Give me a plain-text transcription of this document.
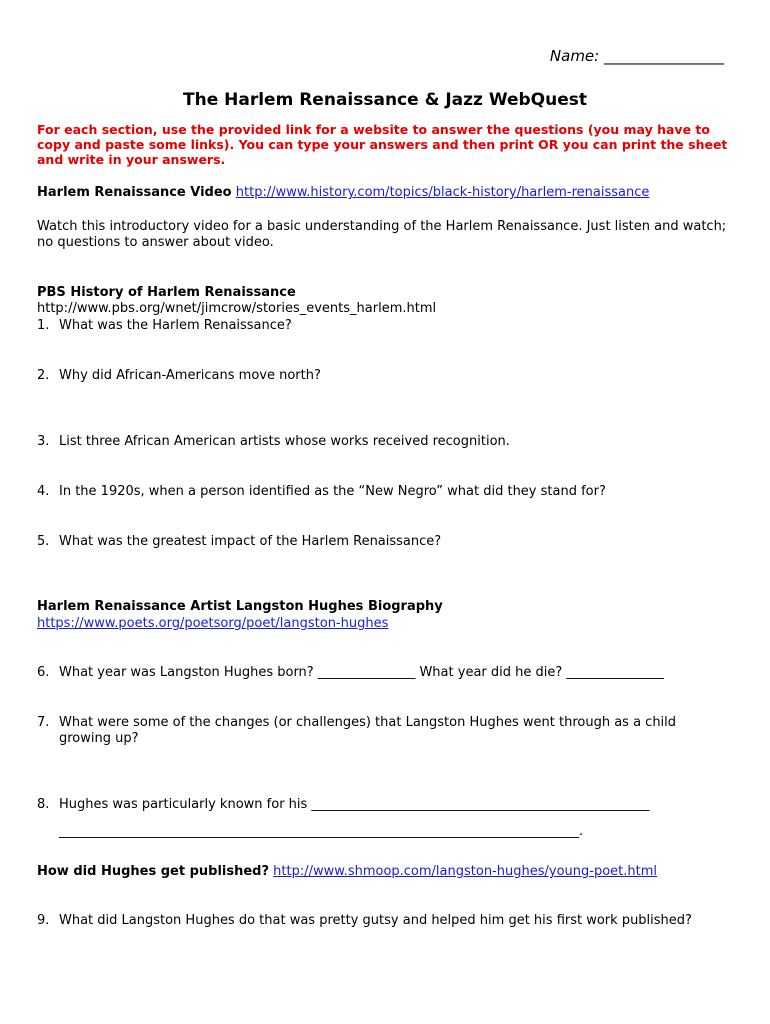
Name: ________________
The Harlem Renaissance & Jazz WebQuest
For each section, use the provided link for a website to answer the questions (you may have to copy and paste some links). You can type your answers and then print OR you can print the sheet and write in your answers.
Harlem Renaissance Video http://www.history.com/topics/black-history/harlem-renaissance
Watch this introductory video for a basic understanding of the Harlem Renaissance. Just listen and watch; no questions to answer about video.
PBS History of Harlem Renaissance
http://www.pbs.org/wnet/jimcrow/stories_events_harlem.html
1. What was the Harlem Renaissance?
2. Why did African-Americans move north?
3. List three African American artists whose works received recognition.
4. In the 1920s, when a person identified as the “New Negro” what did they stand for?
5. What was the greatest impact of the Harlem Renaissance?
Harlem Renaissance Artist Langston Hughes Biography
https://www.poets.org/poetsorg/poet/langston-hughes
6. What year was Langston Hughes born? _______________ What year did he die? _______________
7. What were some of the changes (or challenges) that Langston Hughes went through as a child
growing up?
8. Hughes was particularly known for his ____________________________________________________
________________________________________________________________________________.
How did Hughes get published? http://www.shmoop.com/langston-hughes/young-poet.html
9. What did Langston Hughes do that was pretty gutsy and helped him get his first work published?
